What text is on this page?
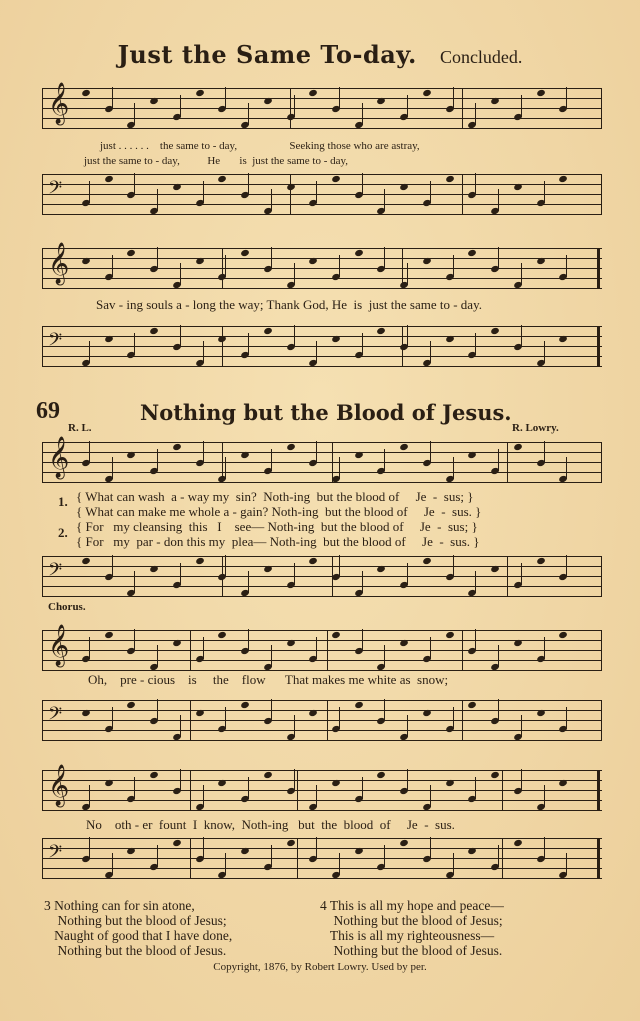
Just the Same To-day. Concluded.
𝄞
just . . . . . .    the same to - day,                   Seeking those who are astray,
just the same to - day,          He       is  just the same to - day,
𝄢
𝄞
Sav - ing souls a - long the way; Thank God, He  is  just the same to - day.
𝄢
69	Nothing but the Blood of Jesus.
R. L.	R. Lowry.
𝄞
1.
2.
{ What can wash  a - way my  sin?  Noth-ing  but the blood of     Je  -  sus; }
{ What can make me whole a - gain? Noth-ing  but the blood of     Je  -  sus. }
{ For   my cleansing  this   I    see— Noth-ing  but the blood of     Je  -  sus; }
{ For   my  par - don this my  plea— Noth-ing  but the blood of     Je  -  sus. }
𝄢
Chorus.
𝄞
Oh,    pre - cious    is     the    flow      That makes me white as  snow;
𝄢
𝄞
No    oth - er  fount  I  know,  Noth-ing   but  the  blood  of     Je  -  sus.
𝄢
3 Nothing can for sin atone,
Nothing but the blood of Jesus;
Naught of good that I have done,
Nothing but the blood of Jesus.
4 This is all my hope and peace—
Nothing but the blood of Jesus;
This is all my righteousness—
Nothing but the blood of Jesus.
Copyright, 1876, by Robert Lowry. Used by per.
